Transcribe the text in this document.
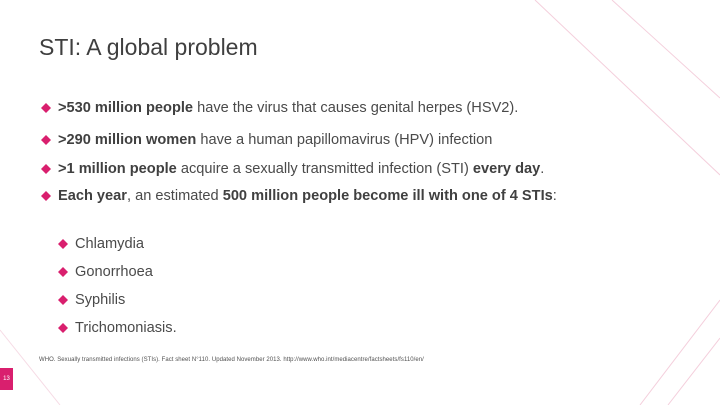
STI: A global problem
>530 million people have the virus that causes genital herpes (HSV2).
>290 million women have a human papillomavirus (HPV) infection
>1 million people acquire a sexually transmitted infection (STI) every day.
Each year, an estimated 500 million people become ill with one of 4 STIs:
Chlamydia
Gonorrhoea
Syphilis
Trichomoniasis.
WHO. Sexually transmitted infections (STIs). Fact sheet N°110. Updated November 2013. http://www.who.int/mediacentre/factsheets/fs110/en/
13
